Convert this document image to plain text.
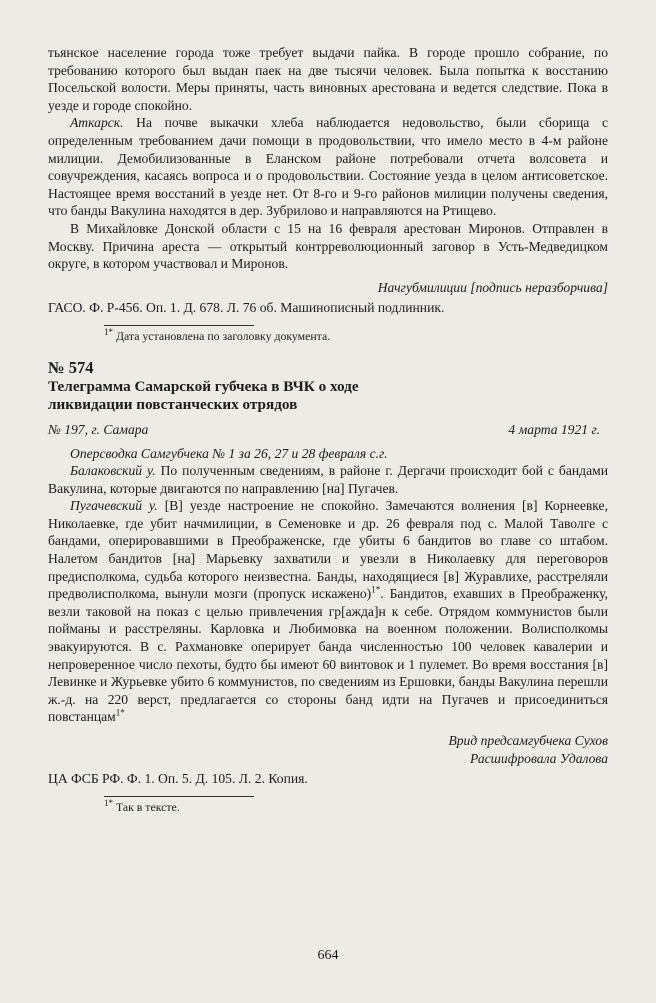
тьянское население города тоже требует выдачи пайка. В городе прошло собрание, по требованию которого был выдан паек на две тысячи человек. Была попытка к восстанию Посельской волости. Меры приняты, часть виновных арестована и ведется следствие. Пока в уезде и городе спокойно.

Аткарск. На почве выкачки хлеба наблюдается недовольство, были сборища с определенным требованием дачи помощи в продовольствии, что имело место в 4-м районе милиции. Демобилизованные в Еланском районе потребовали отчета волсовета и совучреждения, касаясь вопроса и о продовольствии. Состояние уезда в целом антисоветское. Настоящее время восстаний в уезде нет. От 8-го и 9-го районов милиции получены сведения, что банды Вакулина находятся в дер. Зубрилово и направляются на Ртищево.

В Михайловке Донской области с 15 на 16 февраля арестован Миронов. Отправлен в Москву. Причина ареста — открытый контрреволюционный заговор в Усть-Медведицком округе, в котором участвовал и Миронов.

Начгубмилиции [подпись неразборчива]

ГАСО. Ф. Р-456. Оп. 1. Д. 678. Л. 76 об. Машинописный подлинник.

$^{1*}$ Дата установлена по заголовку документа.

№ 574

Телеграмма Самарской губчека в ВЧК о ходе ликвидации повстанческих отрядов

№ 197, г. Самара	4 марта 1921 г.

Оперсводка Самгубчека № 1 за 26, 27 и 28 февраля с.г.

Балаковский у. По полученным сведениям, в районе г. Дергачи происходит бой с бандами Вакулина, которые двигаются по направлению [на] Пугачев.

Пугачевский у. [В] уезде настроение не спокойно. Замечаются волнения [в] Корнеевке, Николаевке, где убит начмилиции, в Семеновке и др. 26 февраля под с. Малой Таволге с бандами, оперировавшими в Преображенске, где убиты 6 бандитов во главе со штабом. Налетом бандитов [на] Марьевку захватили и увезли в Николаевку для переговоров предисполкома, судьба которого неизвестна. Банды, находящиеся [в] Журавлихе, расстреляли предволисполкома, вынули мозги (пропуск искажено)$^{1*}$. Бандитов, ехавших в Преображенку, везли таковой на показ с целью привлечения гр[ажда]н к себе. Отрядом коммунистов были пойманы и расстреляны. Карловка и Любимовка на военном положении. Волисполкомы эвакуируются. В с. Рахмановке оперирует банда численностью 100 человек кавалерии и непроверенное число пехоты, будто бы имеют 60 винтовок и 1 пулемет. Во время восстания [в] Левинке и Журьевке убито 6 коммунистов, по сведениям из Ершовки, банды Вакулина перешли ж.-д. на 220 верст, предлагается со стороны банд идти на Пугачев и присоединиться повстанцам$^{1*}$

Врид предсамгубчека Сухов

Расшифровала Удалова

ЦА ФСБ РФ. Ф. 1. Оп. 5. Д. 105. Л. 2. Копия.

$^{1*}$ Так в тексте.

664
